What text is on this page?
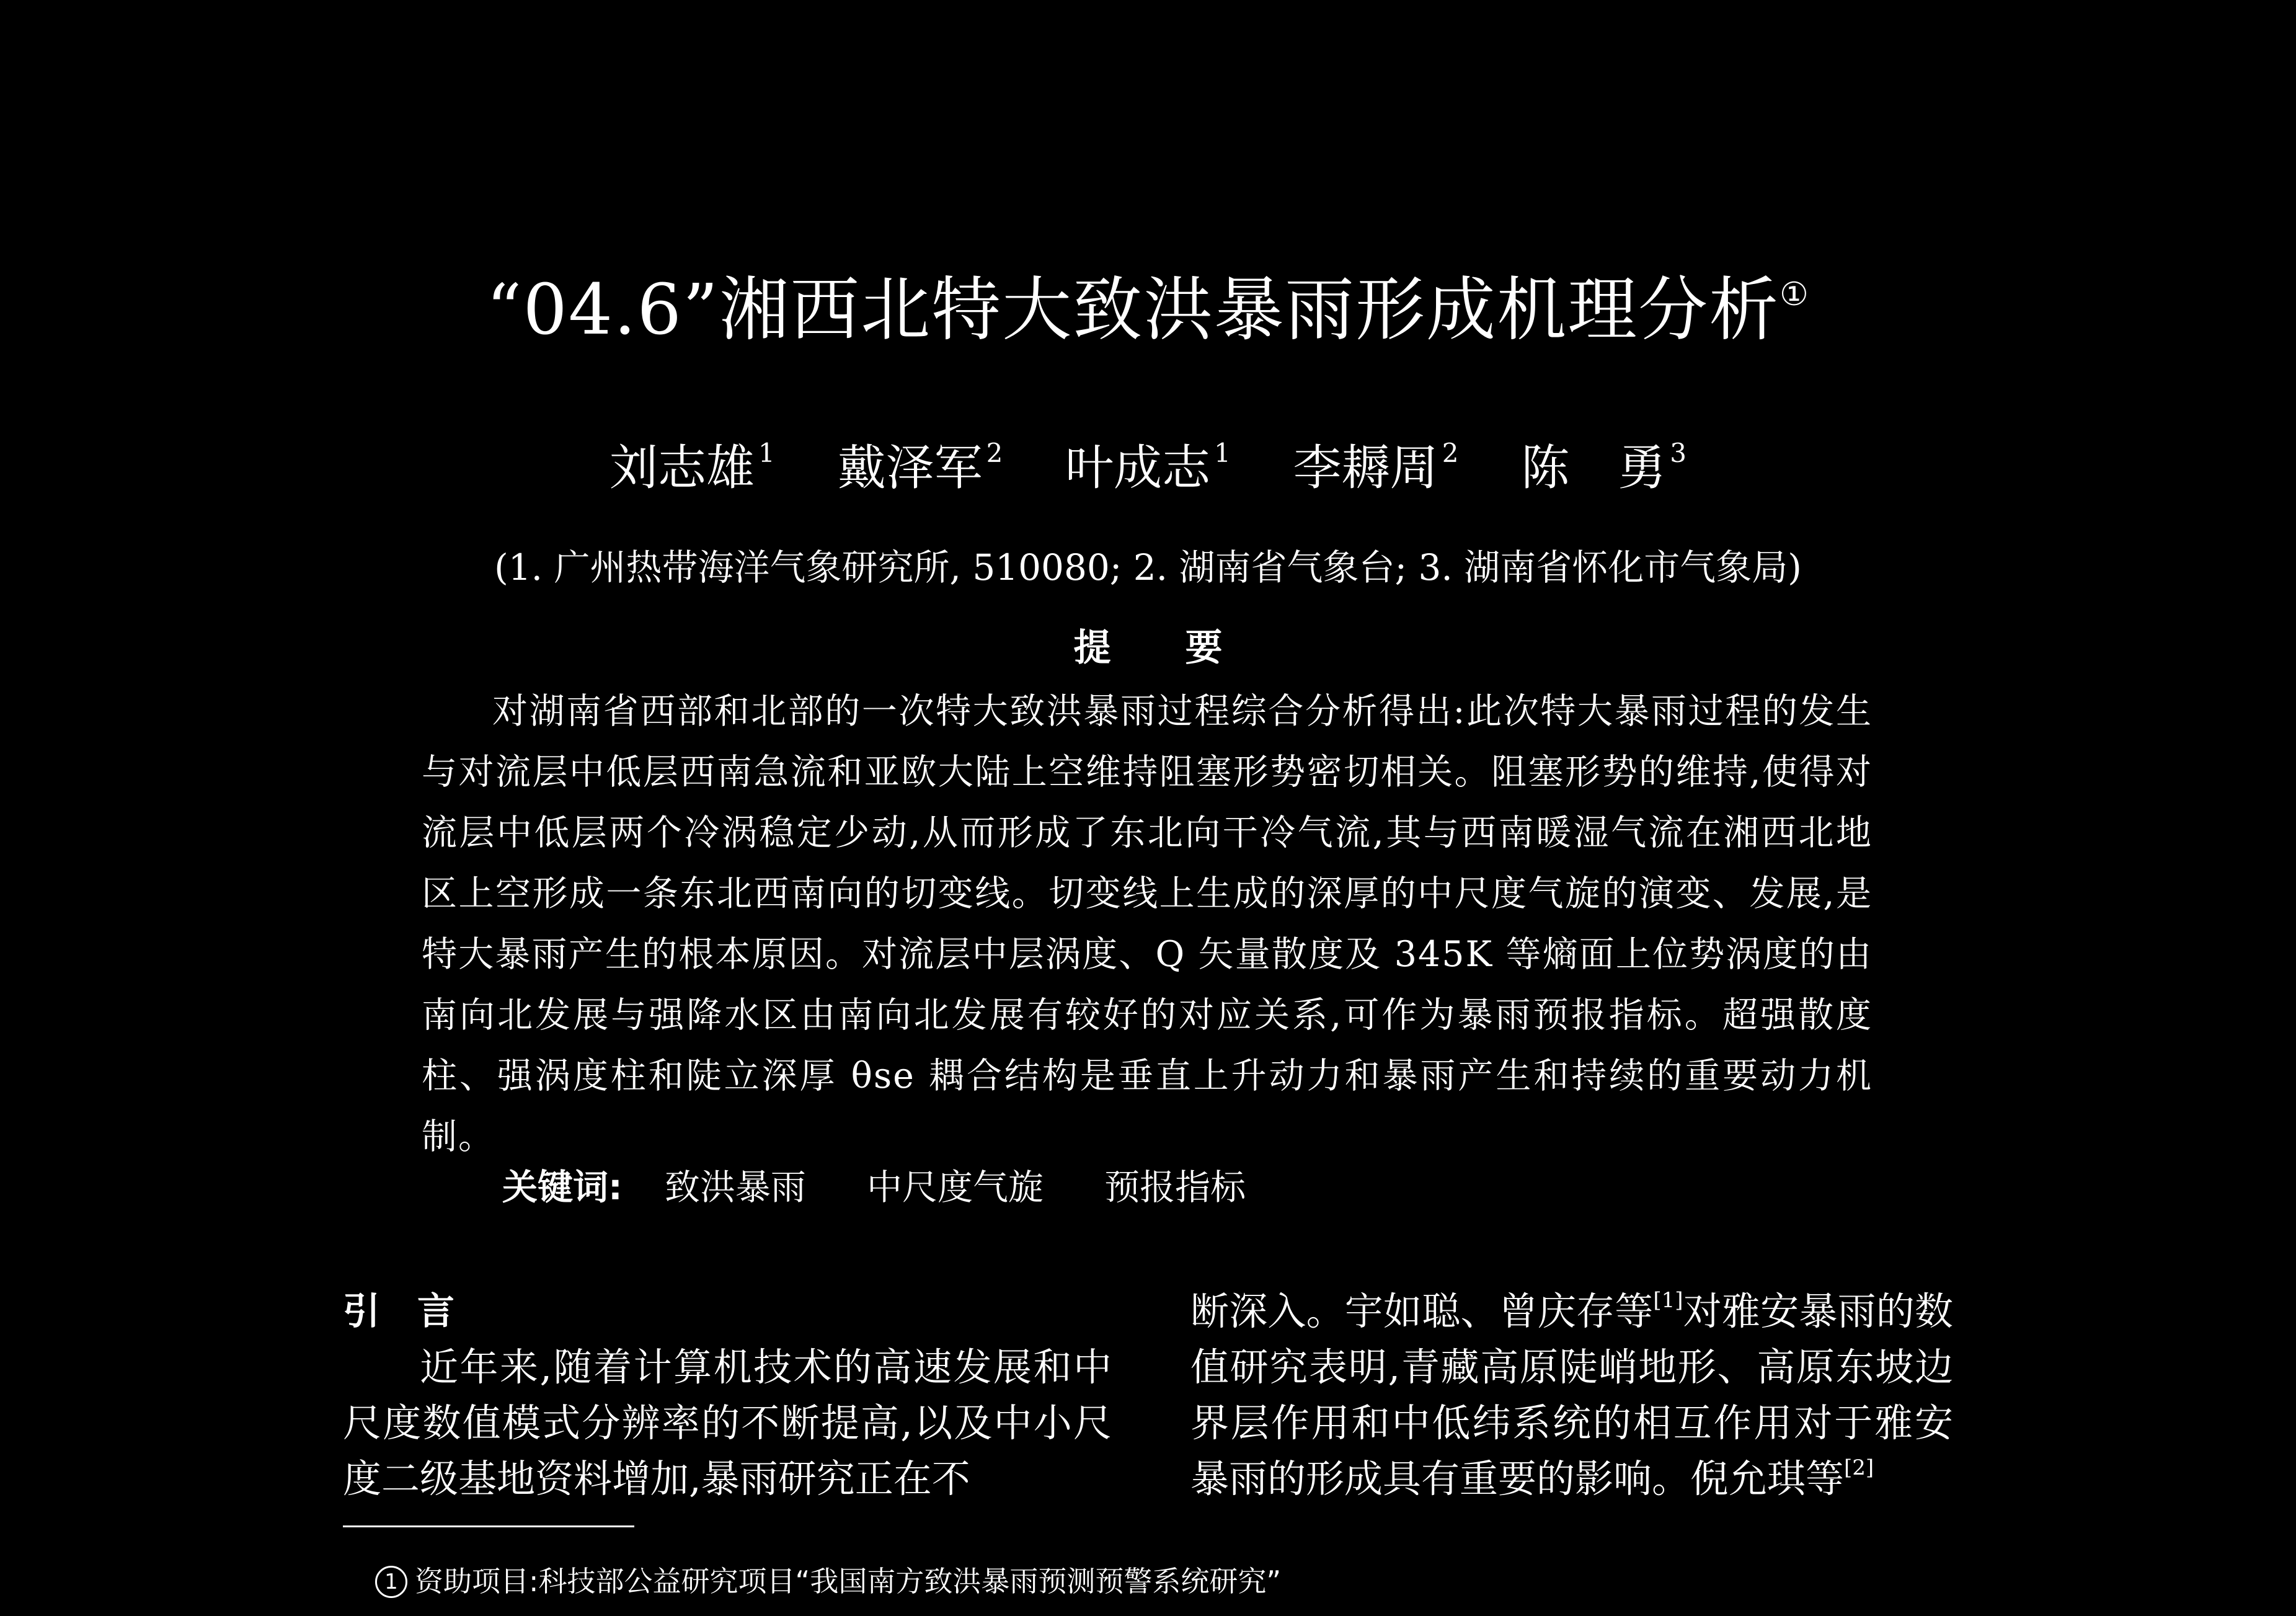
“04.6”湘西北特大致洪暴雨形成机理分析①
刘志雄 $^1$ 戴泽军 $^2$ 叶成志 $^1$ 李耨周 $^2$ 陈　勇 $^3$
(1. 广州热带海洋气象研究所, 510080; 2. 湖南省气象台; 3. 湖南省怀化市气象局)
提要
对湖南省西部和北部的一次特大致洪暴雨过程综合分析得出:此次特大暴雨过程的发生与对流层中低层西南急流和亚欧大陆上空维持阻塞形势密切相关。阻塞形势的维持,使得对流层中低层两个冷涡稳定少动,从而形成了东北向干冷气流,其与西南暖湿气流在湘西北地区上空形成一条东北西南向的切变线。切变线上生成的深厚的中尺度气旋的演变、发展,是特大暴雨产生的根本原因。对流层中层涡度、Q 矢量散度及 345K 等熵面上位势涡度的由南向北发展与强降水区由南向北发展有较好的对应关系,可作为暴雨预报指标。超强散度柱、强涡度柱和陡立深厚 θse 耦合结构是垂直上升动力和暴雨产生和持续的重要动力机制。
关键词: 致洪暴雨 中尺度气旋 预报指标
引言
近年来,随着计算机技术的高速发展和中尺度数值模式分辨率的不断提高,以及中小尺度二级基地资料增加,暴雨研究正在不
断深入。宇如聪、曾庆存等[1]对雅安暴雨的数值研究表明,青藏高原陡峭地形、高原东坡边界层作用和中低纬系统的相互作用对于雅安暴雨的形成具有重要的影响。倪允琪等[2]
1 资助项目:科技部公益研究项目“我国南方致洪暴雨预测预警系统研究”
